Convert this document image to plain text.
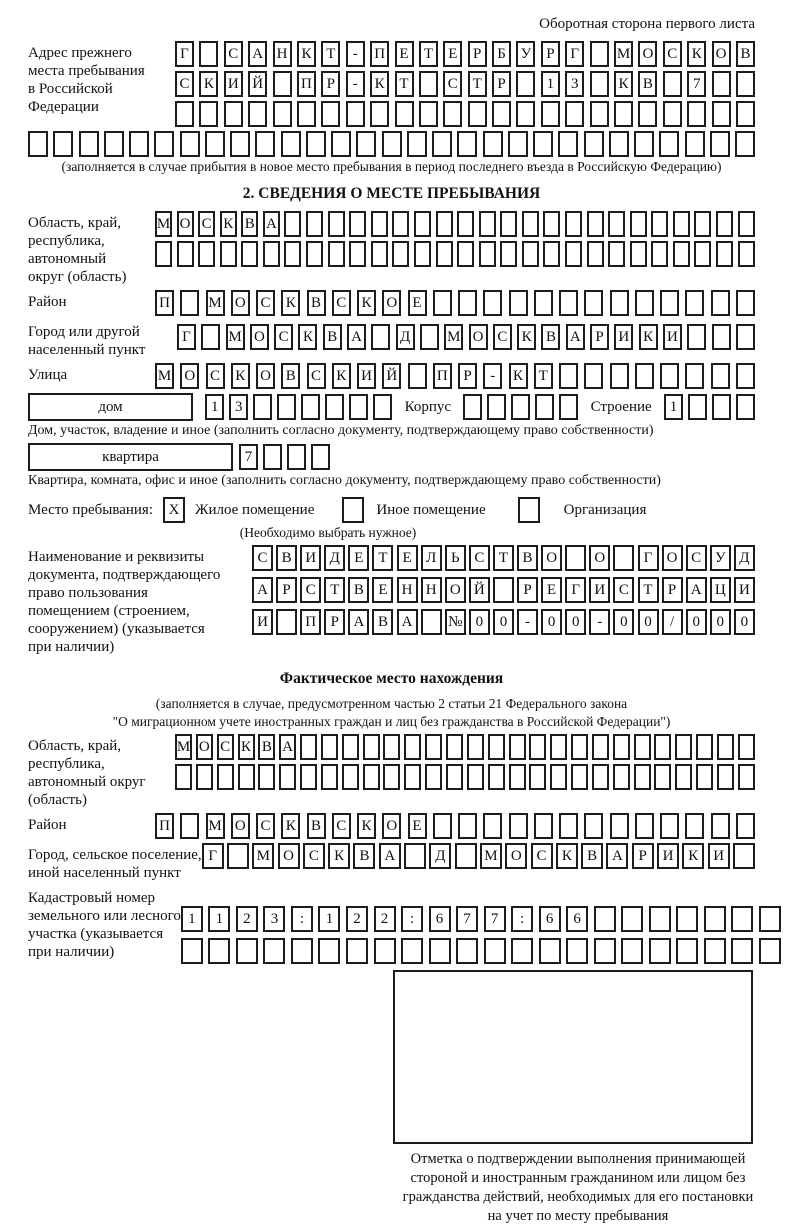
Оборотная сторона первого листа
Адрес прежнего
места пребывания
в Российской
Федерации
Г	С А Н К Т	-	П Е	Т	Е	Р	Б У Р	Г	М О С К О В
С К И Й	П Р	-	К Т	С Т	Р	1	3	К В	7
(заполняется в случае прибытия в новое место пребывания в период последнего въезда в Российскую Федерацию)
2. СВЕДЕНИЯ О МЕСТЕ ПРЕБЫВАНИЯ
Область, край,
республика,
автономный
округ (область)
М О С К В А
Район	П	М О С	К	В	С	К О	Е
Город или другой
населенный пункт
Г	М О С К В А	Д М О С К В А Р И К И
Улица	М О С	К О В	С	К И Й	П	Р	-	К	Т
дом	1	3	Корпус	Строение	1
Дом, участок, владение и иное (заполнить согласно документу, подтверждающему право собственности)
квартира	7
Квартира, комната, офис и иное (заполнить согласно документу, подтверждающему право собственности)
Место пребывания:	X	Жилое помещение	Иное помещение	Организация
(Необходимо выбрать нужное)
Наименование и реквизиты
документа, подтверждающего
право пользования
помещением (строением,
сооружением) (указывается
при наличии)
С В И Д Е Т Е Л Ь С Т В О	О	Г О С У Д
А Р С Т В Е Н Н О Й	Р	Е	Г И С Т	Р А Ц И
И	П Р А В А	№ 0	0	-	0	0	-	0	0	/	0	0	0
Фактическое место нахождения
(заполняется в случае, предусмотренном частью 2 статьи 21 Федерального закона
"О миграционном учете иностранных граждан и лиц без гражданства в Российской Федерации")
Область, край,
республика,
автономный округ
(область)
М О С К В А
Район	П	М О С	К	В	С	К О	Е
Город, сельское поселение,
иной населенный пункт
Г	М О С	К	В А	Д	М О С	К	В А	Р	И К И
Кадастровый номер
земельного или лесного
участка (указывается
при наличии)
1	1	2	3	:	1	2	2	:	6	7	7	:	6	6
Отметка о подтверждении выполнения принимающей
стороной и иностранным гражданином или лицом без
гражданства действий, необходимых для его постановки
на учет по месту пребывания
